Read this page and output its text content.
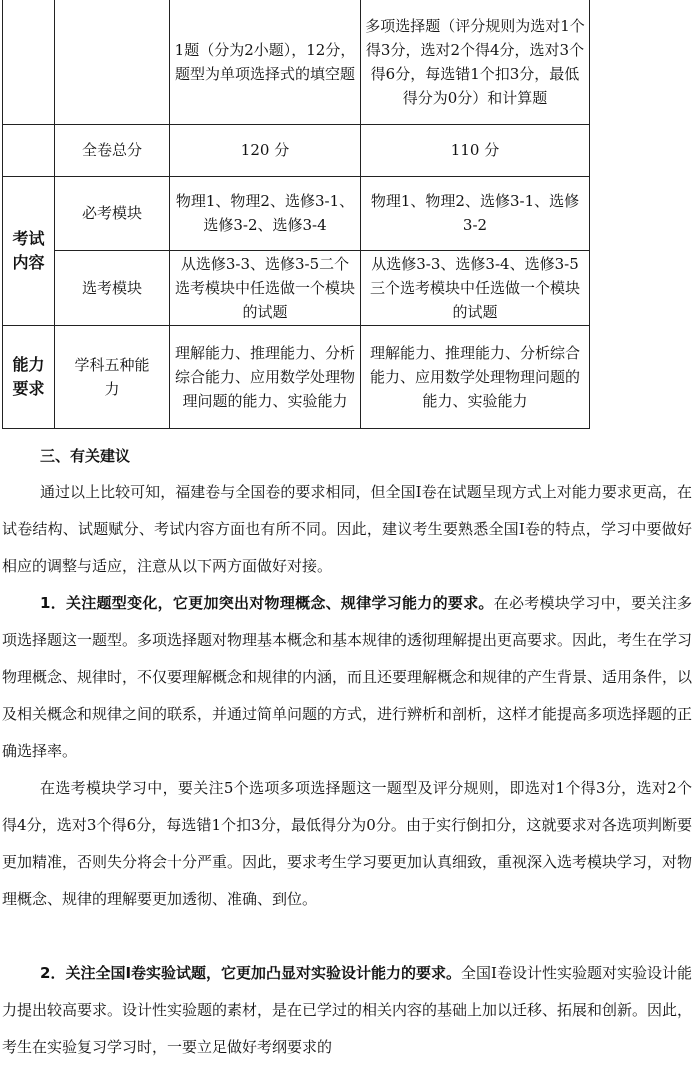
		1题（分为2小题），12分，题型为单项选择式的填空题	多项选择题（评分规则为选对1个得3分，选对2个得4分，选对3个得6分，每选错1个扣3分，最低得分为0分）和计算题
	全卷总分	120 分	110 分
考试内容	必考模块	物理1、物理2、选修3-1、选修3-2、选修3-4	物理1、物理2、选修3-1、选修3-2
	选考模块	从选修3-3、选修3-5二个选考模块中任选做一个模块的试题	从选修3-3、选修3-4、选修3-5三个选考模块中任选做一个模块的试题
能力要求	学科五种能力	理解能力、推理能力、分析综合能力、应用数学处理物理问题的能力、实验能力	理解能力、推理能力、分析综合能力、应用数学处理物理问题的能力、实验能力
三、有关建议

通过以上比较可知，福建卷与全国卷的要求相同，但全国Ⅰ卷在试题呈现方式上对能力要求更高，在试卷结构、试题赋分、考试内容方面也有所不同。因此，建议考生要熟悉全国Ⅰ卷的特点，学习中要做好相应的调整与适应，注意从以下两方面做好对接。

1．关注题型变化，它更加突出对物理概念、规律学习能力的要求。在必考模块学习中，要关注多项选择题这一题型。多项选择题对物理基本概念和基本规律的透彻理解提出更高要求。因此，考生在学习物理概念、规律时，不仅要理解概念和规律的内涵，而且还要理解概念和规律的产生背景、适用条件，以及相关概念和规律之间的联系，并通过简单问题的方式，进行辨析和剖析，这样才能提高多项选择题的正确选择率。

在选考模块学习中，要关注5个选项多项选择题这一题型及评分规则，即选对1个得3分，选对2个得4分，选对3个得6分，每选错1个扣3分，最低得分为0分。由于实行倒扣分，这就要求对各选项判断要更加精准，否则失分将会十分严重。因此，要求考生学习要更加认真细致，重视深入选考模块学习，对物理概念、规律的理解要更加透彻、准确、到位。

2．关注全国Ⅰ卷实验试题，它更加凸显对实验设计能力的要求。全国Ⅰ卷设计性实验题对实验设计能力提出较高要求。设计性实验题的素材，是在已学过的相关内容的基础上加以迁移、拓展和创新。因此，考生在实验复习学习时，一要立足做好考纲要求的
